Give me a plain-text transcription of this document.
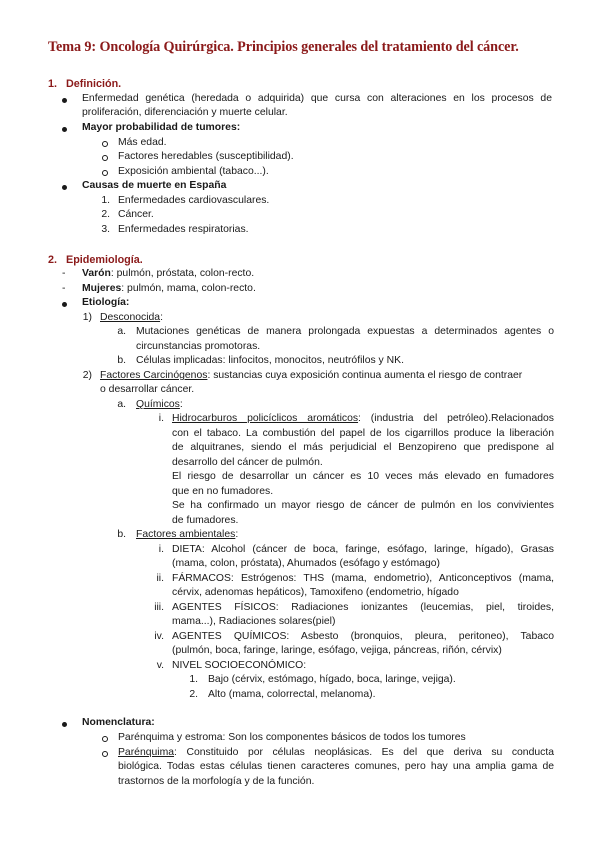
Tema 9: Oncología Quirúrgica. Principios generales del tratamiento del cáncer.
1. Definición.
Enfermedad genética (heredada o adquirida) que cursa con alteraciones en los procesos de
proliferación, diferenciación y muerte celular.
Mayor probabilidad de tumores:
Más edad.
Factores heredables (susceptibilidad).
Exposición ambiental (tabaco...).
Causas de muerte en España
1. Enfermedades cardiovasculares.
2. Cáncer.
3. Enfermedades respiratorias.
2. Epidemiología.
- Varón: pulmón, próstata, colon-recto.
- Mujeres: pulmón, mama, colon-recto.
Etiología:
1) Desconocida:
a. Mutaciones genéticas de manera prolongada expuestas a determinados agentes o
circunstancias promotoras.
b. Células implicadas: linfocitos, monocitos, neutrófilos y NK.
2) Factores Carcinógenos: sustancias cuya exposición continua aumenta el riesgo de contraer
o desarrollar cáncer.
a. Químicos:
i. Hidrocarburos policíclicos aromáticos: (industria del petróleo).Relacionados
con el tabaco. La combustión del papel de los cigarrillos produce la liberación
de alquitranes, siendo el más perjudicial el Benzopireno que predispone al
desarrollo del cáncer de pulmón.
El riesgo de desarrollar un cáncer es 10 veces más elevado en fumadores
que en no fumadores.
Se ha confirmado un mayor riesgo de cáncer de pulmón en los convivientes
de fumadores.
b. Factores ambientales:
i. DIETA: Alcohol (cáncer de boca, faringe, esófago, laringe, hígado), Grasas
(mama, colon, próstata), Ahumados (esófago y estómago)
ii. FÁRMACOS: Estrógenos: THS (mama, endometrio), Anticonceptivos (mama,
cérvix, adenomas hepáticos), Tamoxifeno (endometrio, hígado
iii. AGENTES FÍSICOS: Radiaciones ionizantes (leucemias, piel, tiroides,
mama...), Radiaciones solares(piel)
iv. AGENTES QUÍMICOS: Asbesto (bronquios, pleura, peritoneo), Tabaco
(pulmón, boca, faringe, laringe, esófago, vejiga, páncreas, riñón, cérvix)
v. NIVEL SOCIOECONÓMICO:
1. Bajo (cérvix, estómago, hígado, boca, laringe, vejiga).
2. Alto (mama, colorrectal, melanoma).
Nomenclatura:
Parénquima y estroma: Son los componentes básicos de todos los tumores
Parénquima: Constituido por células neoplásicas. Es del que deriva su conducta
biológica. Todas estas células tienen caracteres comunes, pero hay una amplia gama de
trastornos de la morfología y de la función.
